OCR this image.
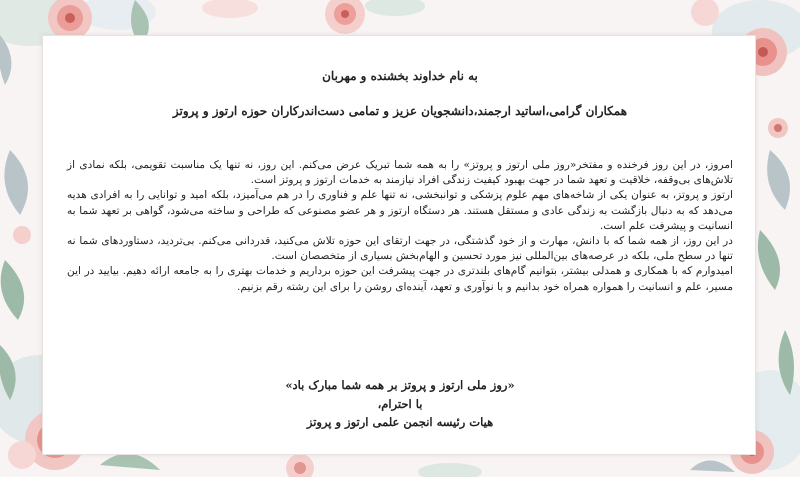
به نام خداوند بخشنده و مهربان
همکاران گرامی،اساتید ارجمند،دانشجویان عزیز و تمامی دست‌اندرکاران حوزه ارتوز و پروتز

امروز، در این روز فرخنده و مفتخر«روز ملی ارتوز و پروتز» را به همه شما تبریک عرض می‌کنم. این روز، نه تنها یک مناسبت تقویمی، بلکه نمادی از تلاش‌های بی‌وقفه، خلاقیت و تعهد شما در جهت بهبود کیفیت زندگی افراد نیازمند به خدمات ارتوز و پروتز است.

ارتوز و پروتز، به عنوان یکی از شاخه‌های مهم علوم پزشکی و توانبخشی، نه تنها علم و فناوری را در هم می‌آمیزد، بلکه امید و توانایی را به افرادی هدیه می‌دهد که به دنبال بازگشت به زندگی عادی و مستقل هستند. هر دستگاه ارتوز و هر عضو مصنوعی که طراحی و ساخته می‌شود، گواهی بر تعهد شما به انسانیت و پیشرفت علم است.

در این روز، از همه شما که با دانش، مهارت و از خود گذشتگی، در جهت ارتقای این حوزه تلاش می‌کنید، قدردانی می‌کنم. بی‌تردید، دستاوردهای شما نه تنها در سطح ملی، بلکه در عرصه‌های بین‌المللی نیز مورد تحسین و الهام‌بخش بسیاری از متخصصان است.

امیدوارم که با همکاری و همدلی بیشتر، بتوانیم گام‌های بلندتری در جهت پیشرفت این حوزه برداریم و خدمات بهتری را به جامعه ارائه دهیم. بیایید در این مسیر، علم و انسانیت را همواره همراه خود بدانیم و با نوآوری و تعهد، آینده‌ای روشن را برای این رشته رقم بزنیم.

«روز ملی ارتوز و پروتز بر همه شما مبارک باد»
با احترام،
هیات رئیسه انجمن علمی ارتوز و پروتز
